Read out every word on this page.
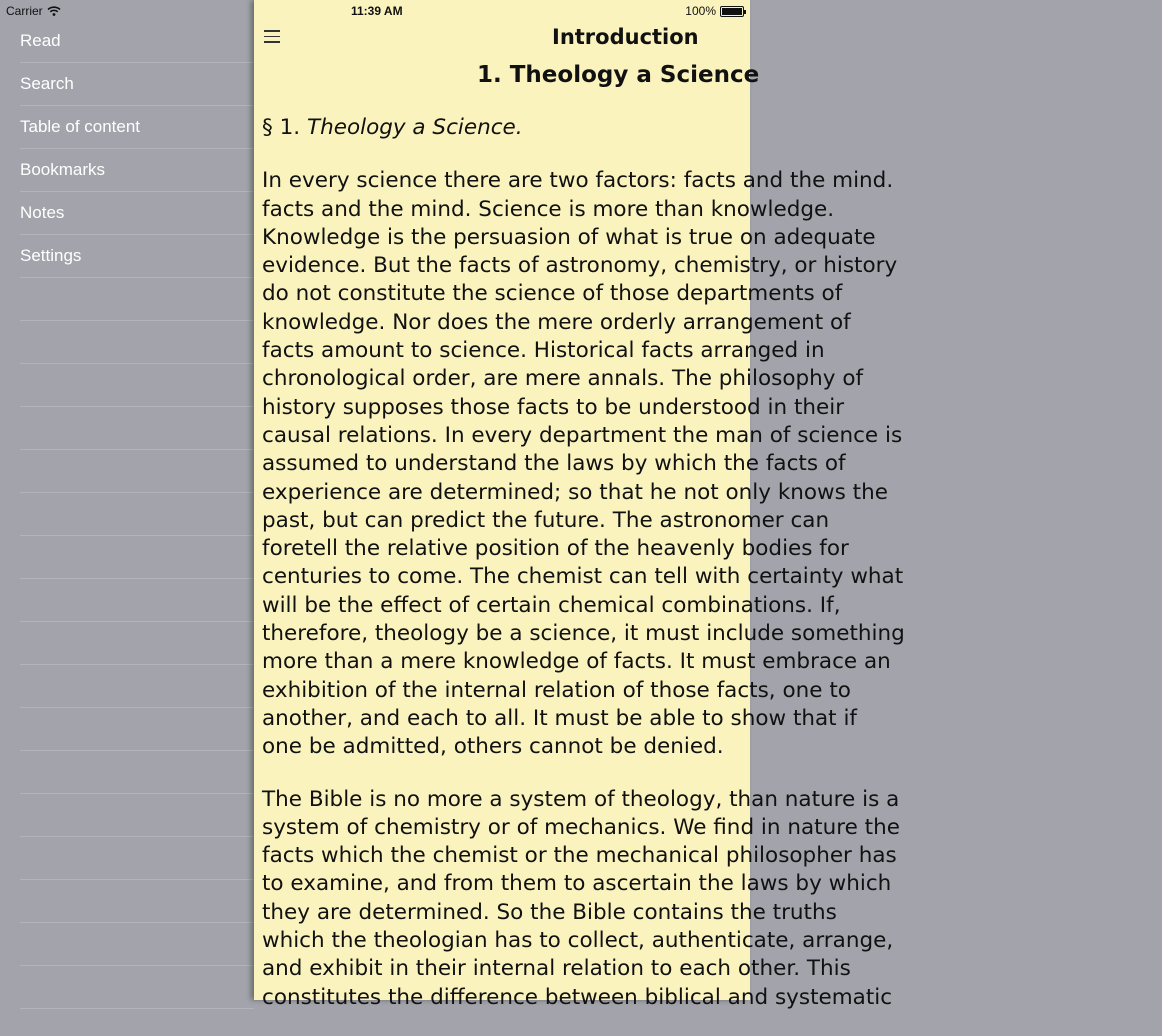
Carrier
Read
Search
Table of content
Bookmarks
Notes
Settings
11:39 AM	100%
Introduction
1. Theology a Science
§ 1. Theology a Science.
In every science there are two factors: facts and the mind.
facts and the mind. Science is more than knowledge.
Knowledge is the persuasion of what is true on adequate
evidence. But the facts of astronomy, chemistry, or history
do not constitute the science of those departments of
knowledge. Nor does the mere orderly arrangement of
facts amount to science. Historical facts arranged in
chronological order, are mere annals. The philosophy of
history supposes those facts to be understood in their
causal relations. In every department the man of science is
assumed to understand the laws by which the facts of
experience are determined; so that he not only knows the
past, but can predict the future. The astronomer can
foretell the relative position of the heavenly bodies for
centuries to come. The chemist can tell with certainty what
will be the effect of certain chemical combinations. If,
therefore, theology be a science, it must include something
more than a mere knowledge of facts. It must embrace an
exhibition of the internal relation of those facts, one to
another, and each to all. It must be able to show that if
one be admitted, others cannot be denied.
The Bible is no more a system of theology, than nature is a
system of chemistry or of mechanics. We find in nature the
facts which the chemist or the mechanical philosopher has
to examine, and from them to ascertain the laws by which
they are determined. So the Bible contains the truths
which the theologian has to collect, authenticate, arrange,
and exhibit in their internal relation to each other. This
constitutes the difference between biblical and systematic
